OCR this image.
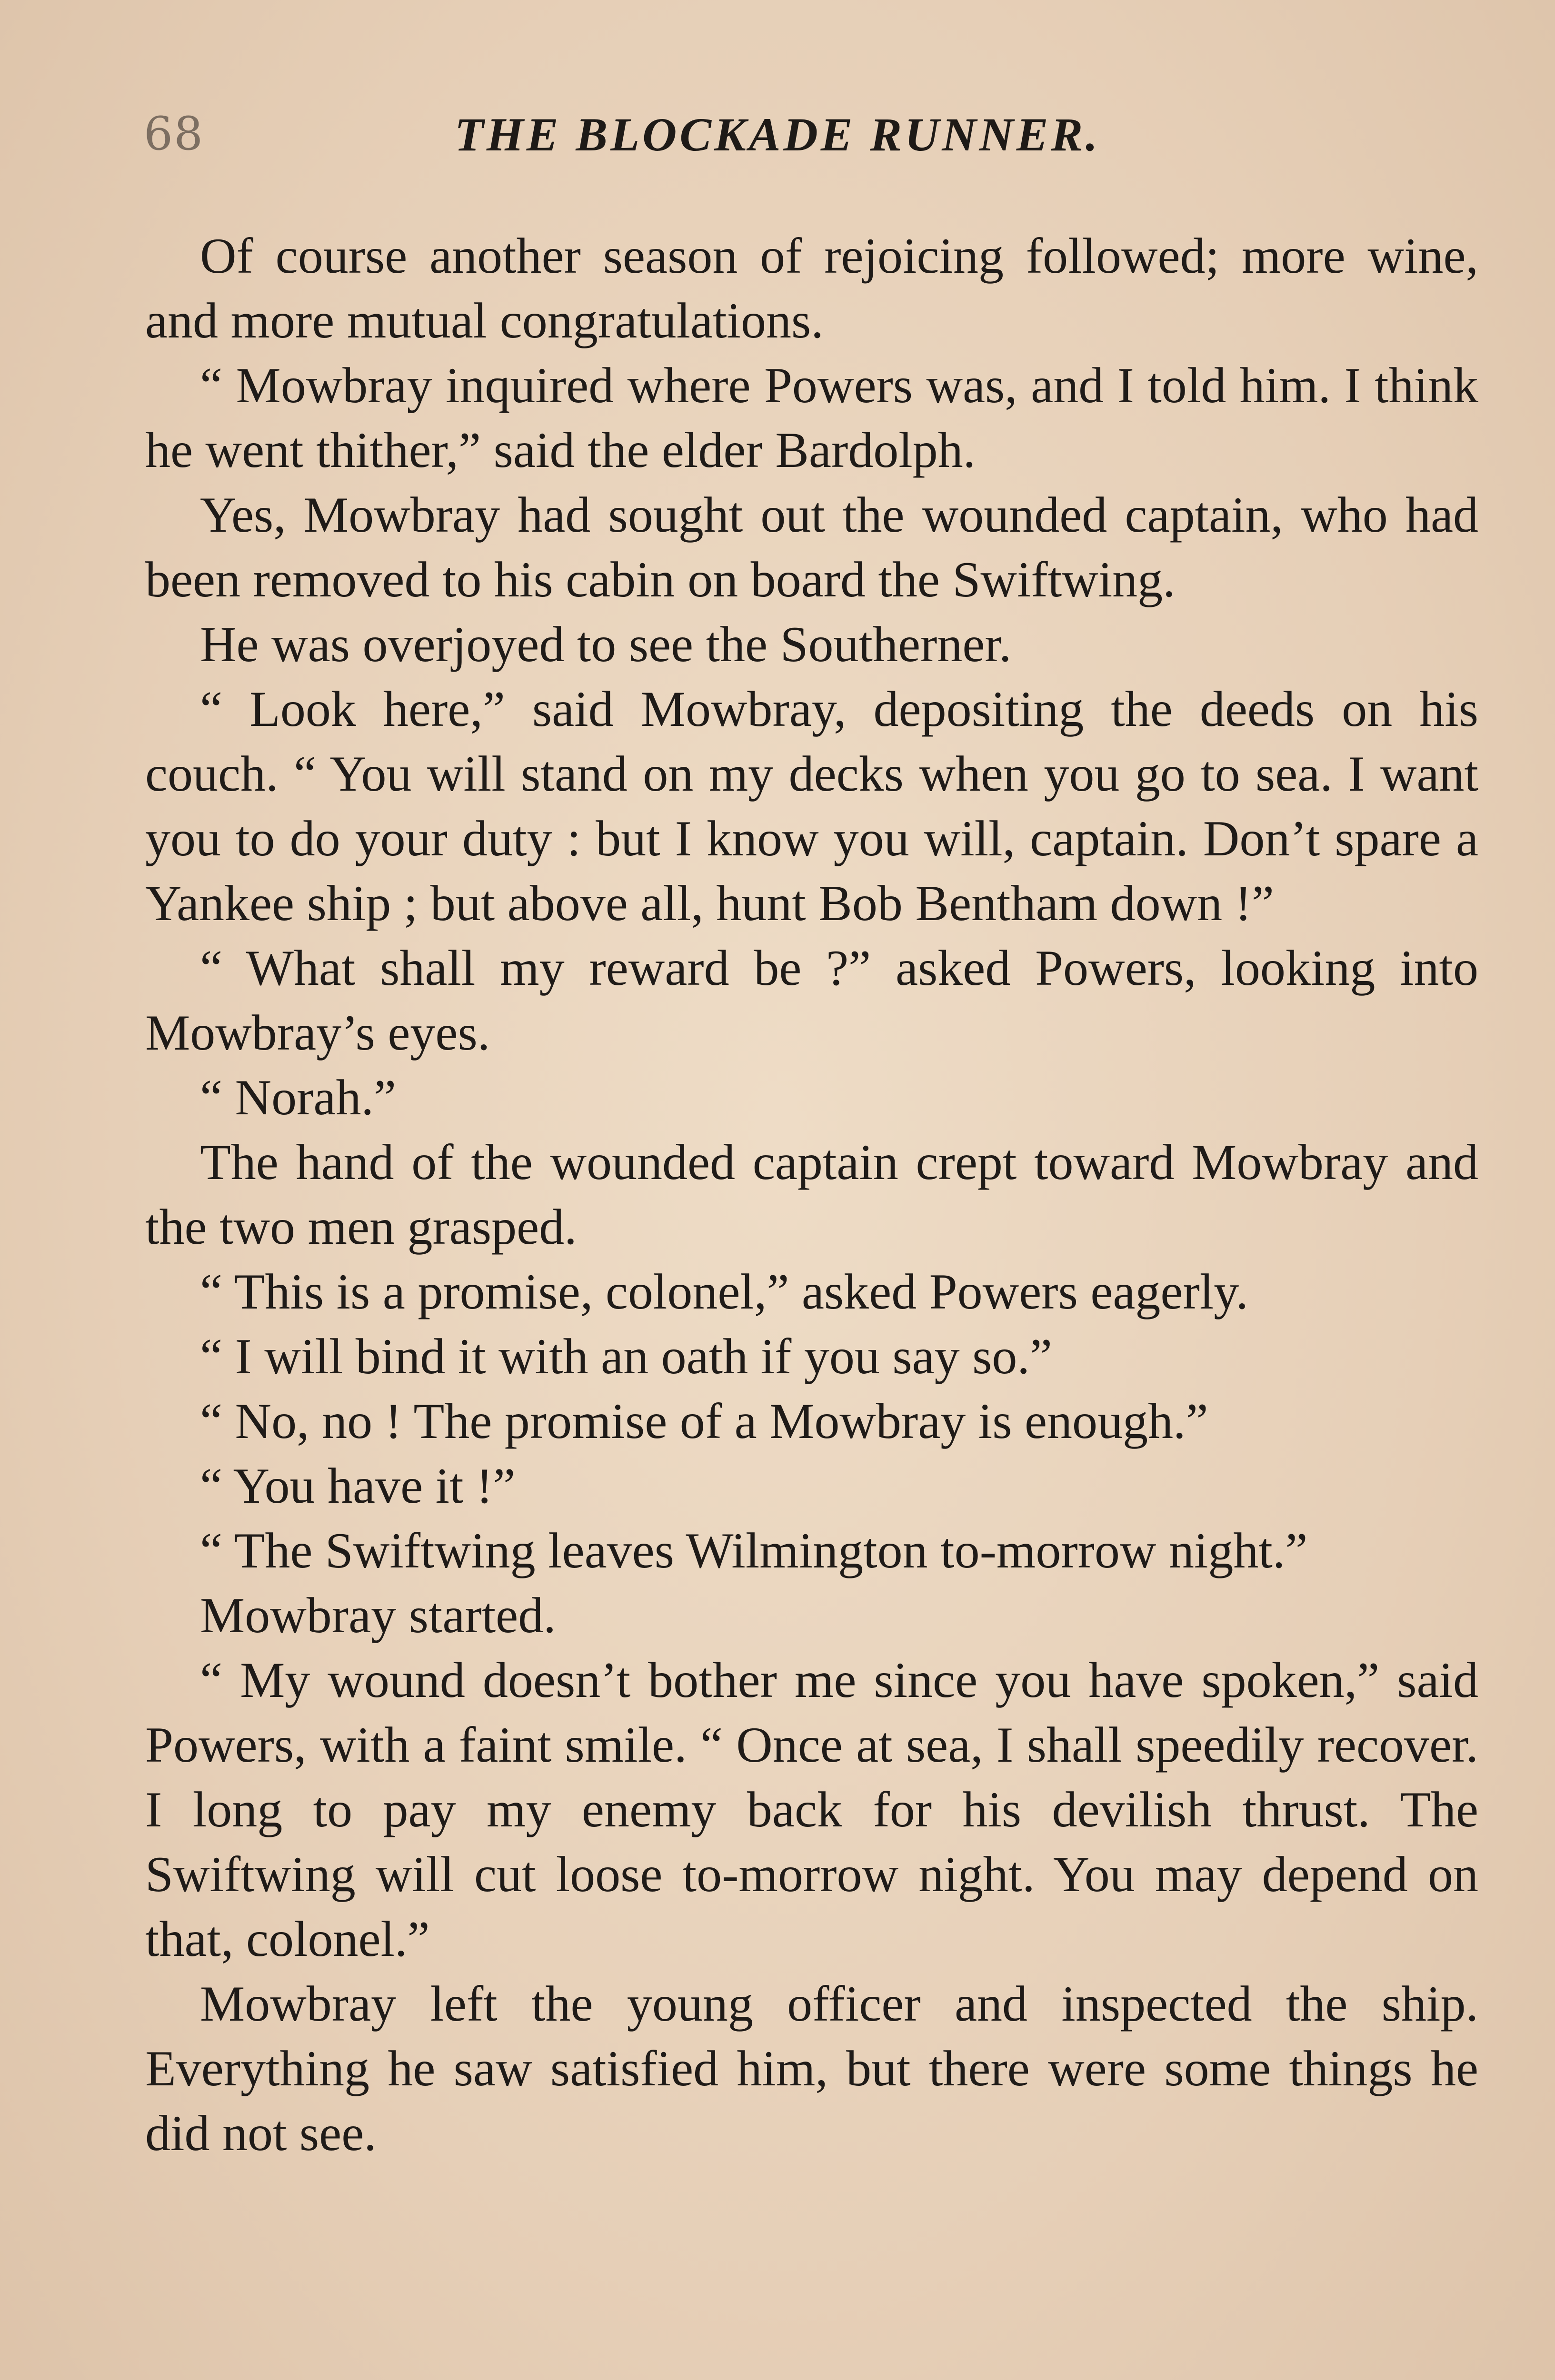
68	THE BLOCKADE RUNNER.

Of course another season of rejoicing followed; more wine, and more mutual congratulations.

“ Mowbray inquired where Powers was, and I told him. I think he went thither,” said the elder Bardolph.

Yes, Mowbray had sought out the wounded captain, who had been removed to his cabin on board the Swiftwing.

He was overjoyed to see the Southerner.

“ Look here,” said Mowbray, depositing the deeds on his couch. “ You will stand on my decks when you go to sea. I want you to do your duty : but I know you will, captain. Don’t spare a Yankee ship ; but above all, hunt Bob Bentham down !”

“ What shall my reward be ?” asked Powers, looking into Mowbray’s eyes.

“ Norah.”

The hand of the wounded captain crept toward Mowbray and the two men grasped.

“ This is a promise, colonel,” asked Powers eagerly.

“ I will bind it with an oath if you say so.”

“ No, no ! The promise of a Mowbray is enough.”

“ You have it !”

“ The Swiftwing leaves Wilmington to-morrow night.”

Mowbray started.

“ My wound doesn’t bother me since you have spoken,” said Powers, with a faint smile. “ Once at sea, I shall speedily recover. I long to pay my enemy back for his devilish thrust. The Swiftwing will cut loose to-morrow night. You may depend on that, colonel.”

Mowbray left the young officer and inspected the ship. Everything he saw satisfied him, but there were some things he did not see.
